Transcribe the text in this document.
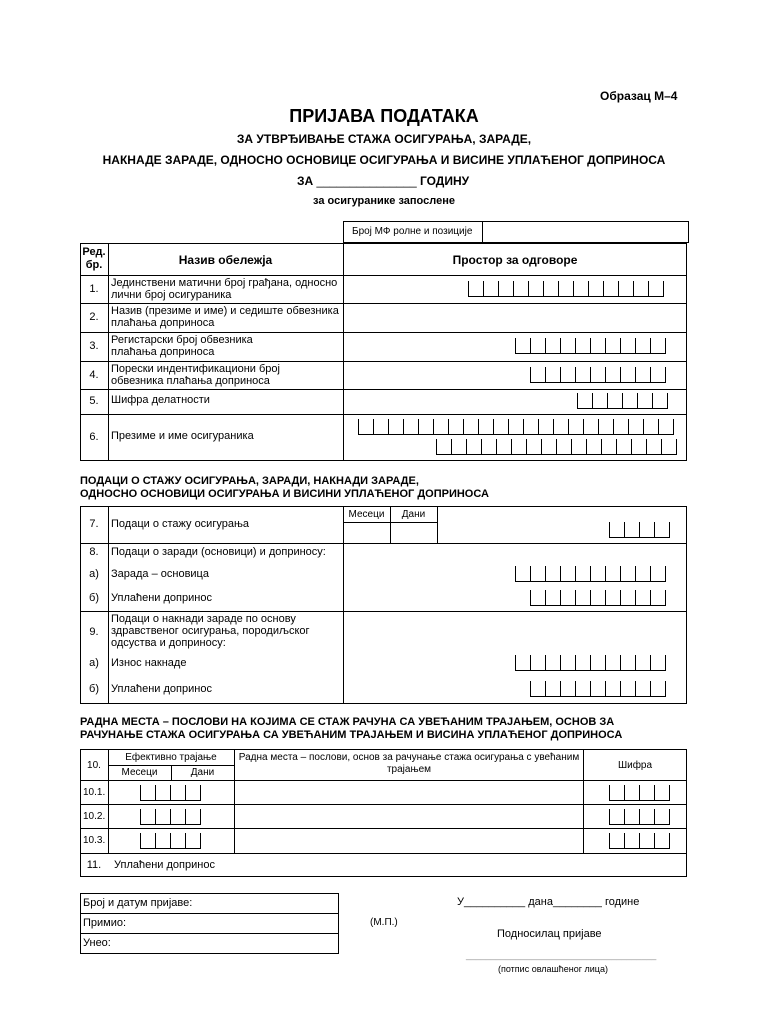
Образац М–4
ПРИЈАВА ПОДАТАКА
ЗА УТВРЂИВАЊЕ СТАЖА ОСИГУРАЊА, ЗАРАДЕ,
НАКНАДЕ ЗАРАДЕ, ОДНОСНО ОСНОВИЦЕ ОСИГУРАЊА И ВИСИНЕ УПЛАЋЕНОГ ДОПРИНОСА
ЗА _______________ ГОДИНУ
за осигуранике запослене
Број МФ ролне и позиције
Ред. бр.	Назив обележја	Простор за одговоре
1.	Јединствени матични број грађана, односно лични број осигураника
2.	Назив (презиме и име) и седиште обвезника плаћања доприноса
3.	Регистарски број обвезника плаћања доприноса
4.	Порески индентификациони број обвезника плаћања доприноса
5.	Шифра делатности
6.	Презиме и име осигураника
ПОДАЦИ О СТАЖУ ОСИГУРАЊА, ЗАРАДИ, НАКНАДИ ЗАРАДЕ,
ОДНОСНО ОСНОВИЦИ ОСИГУРАЊА И ВИСИНИ УПЛАЋЕНОГ ДОПРИНОСА
7.	Подаци о стажу осигурања
Месеци	Дани
8.	Подаци о заради (основици) и доприносу:
а)	Зарада – основица
б)	Уплаћени допринос
9.
Подаци о накнади зараде по основу здравственог осигурања, породиљског одсуства и доприносу:
а)	Износ накнаде
б)	Уплаћени допринос
РАДНА МЕСТА – ПОСЛОВИ НА КОЈИМА СЕ СТАЖ РАЧУНА СА УВЕЋАНИМ ТРАЈАЊЕМ, ОСНОВ ЗА
РАЧУНАЊЕ СТАЖА ОСИГУРАЊА СА УВЕЋАНИМ ТРАЈАЊЕМ И ВИСИНА УПЛАЋЕНОГ ДОПРИНОСА
10.
Ефективно трајање
Месеци	Дани
Радна места – послови, основ за рачунање стажа осигурања с увећаним трајањем	Шифра
10.1.
10.2.
10.3.
11.	Уплаћени допринос
Број и датум пријаве:
Примио:
Унео:
(М.П.)
У__________ дана________ године
Подносилац пријаве
______________________________________
(потпис овлашћеног лица)
